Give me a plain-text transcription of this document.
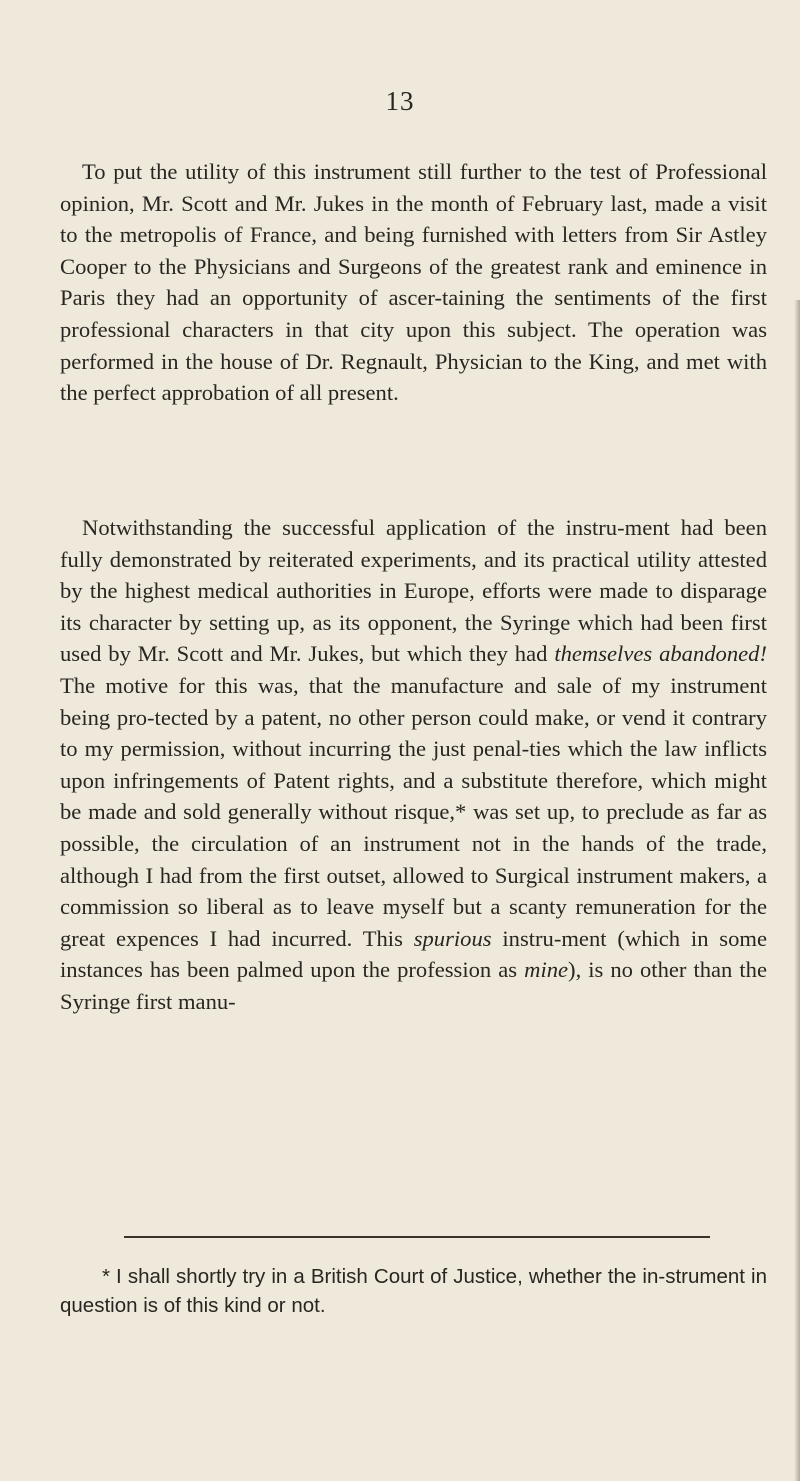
13

To put the utility of this instrument still further to the test of Professional opinion, Mr. Scott and Mr. Jukes in the month of February last, made a visit to the metropolis of France, and being furnished with letters from Sir Astley Cooper to the Physicians and Surgeons of the greatest rank and eminence in Paris they had an opportunity of ascer-taining the sentiments of the first professional characters in that city upon this subject. The operation was performed in the house of Dr. Regnault, Physician to the King, and met with the perfect approbation of all present.

Notwithstanding the successful application of the instru-ment had been fully demonstrated by reiterated experiments, and its practical utility attested by the highest medical authorities in Europe, efforts were made to disparage its character by setting up, as its opponent, the Syringe which had been first used by Mr. Scott and Mr. Jukes, but which they had themselves abandoned! The motive for this was, that the manufacture and sale of my instrument being pro-tected by a patent, no other person could make, or vend it contrary to my permission, without incurring the just penal-ties which the law inflicts upon infringements of Patent rights, and a substitute therefore, which might be made and sold generally without risque,* was set up, to preclude as far as possible, the circulation of an instrument not in the hands of the trade, although I had from the first outset, allowed to Surgical instrument makers, a commission so liberal as to leave myself but a scanty remuneration for the great expences I had incurred. This spurious instru-ment (which in some instances has been palmed upon the profession as mine), is no other than the Syringe first manu-

* I shall shortly try in a British Court of Justice, whether the in-strument in question is of this kind or not.
